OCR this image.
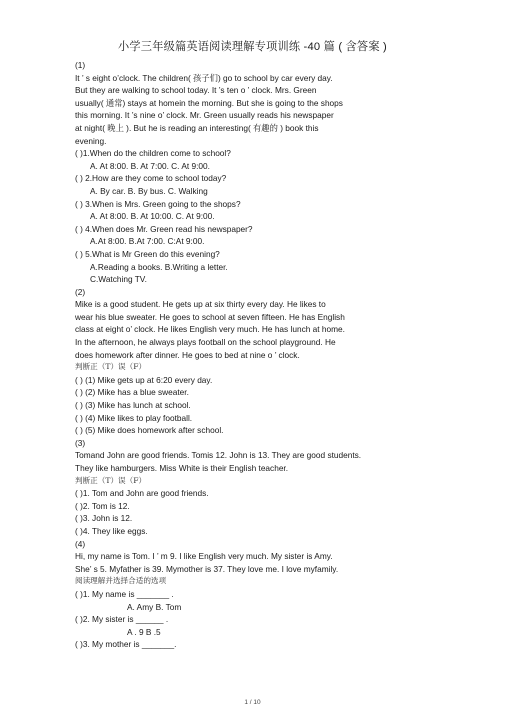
小学三年级篇英语阅读理解专项训练 -40 篇 ( 含答案 )
(1)
It ’ s eight o’clock. The children( 孩子们) go to school by car every day.
But they are walking to school today. It ’s ten o ’ clock. Mrs. Green
usually( 通常) stays at homein the morning. But she is going to the shops
this morning. It ’s nine o’ clock. Mr. Green usually reads his newspaper
at night( 晚上 ). But he is reading an interesting( 有趣的 ) book this
evening.
( )1.When do the children come to school?
A. At 8:00. B. At 7:00. C. At 9:00.
( ) 2.How are they come to school today?
A. By car. B. By bus. C. Walking
( ) 3.When is Mrs. Green going to the shops?
A. At 8:00. B. At 10:00. C. At 9:00.
( ) 4.When does Mr. Green read his newspaper?
A.At 8:00. B.At 7:00. C:At 9:00.
( ) 5.What is Mr Green do this evening?
A.Reading a books. B.Writing a letter.
C.Watching TV.
(2)
Mike is a good student. He gets up at six thirty every day. He likes to
wear his blue sweater. He goes to school at seven fifteen. He has English
class at eight o’ clock. He likes English very much. He has lunch at home.
In the afternoon, he always plays football on the school playground. He
does homework after dinner. He goes to bed at nine o ’ clock.
判断正（T）误（F）
( ) (1) Mike gets up at 6:20 every day.
( ) (2) Mike has a blue sweater.
( ) (3) Mike has lunch at school.
( ) (4) Mike likes to play football.
( ) (5) Mike does homework after school.
(3)
Tomand John are good friends. Tomis 12. John is 13. They are good students.
They like hamburgers. Miss White is their English teacher.
判断正（T）误（F）
( )1. Tom and John are good friends.
( )2. Tom is 12.
( )3. John is 12.
( )4. They like eggs.
(4)
Hi, my name is Tom. I ’ m 9. I like English very much. My sister is Amy.
She’ s 5. Myfather is 39. Mymother is 37. They love me. I love myfamily.
阅读理解并选择合适的选项
( )1. My name is _______ .
A. Amy B. Tom
( )2. My sister is ______ .
A . 9 B .5
( )3. My mother is _______.
1 / 10
